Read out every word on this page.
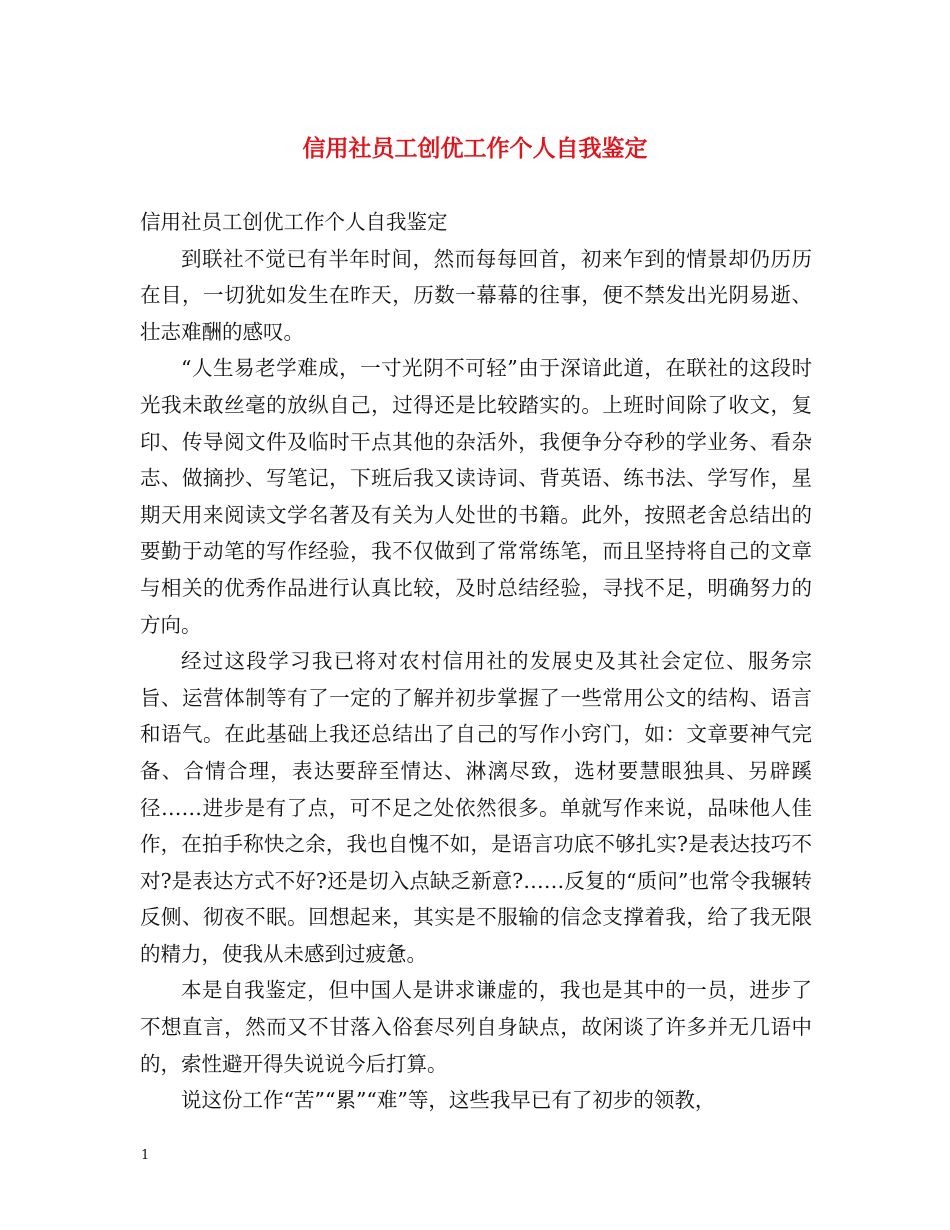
信用社员工创优工作个人自我鉴定

信用社员工创优工作个人自我鉴定

到联社不觉已有半年时间，然而每每回首，初来乍到的情景却仍历历在目，一切犹如发生在昨天，历数一幕幕的往事，便不禁发出光阴易逝、壮志难酬的感叹。

“人生易老学难成，一寸光阴不可轻”由于深谙此道，在联社的这段时光我未敢丝毫的放纵自己，过得还是比较踏实的。上班时间除了收文，复印、传导阅文件及临时干点其他的杂活外，我便争分夺秒的学业务、看杂志、做摘抄、写笔记，下班后我又读诗词、背英语、练书法、学写作，星期天用来阅读文学名著及有关为人处世的书籍。此外，按照老舍总结出的要勤于动笔的写作经验，我不仅做到了常常练笔，而且坚持将自己的文章与相关的优秀作品进行认真比较，及时总结经验，寻找不足，明确努力的方向。

经过这段学习我已将对农村信用社的发展史及其社会定位、服务宗旨、运营体制等有了一定的了解并初步掌握了一些常用公文的结构、语言和语气。在此基础上我还总结出了自己的写作小窍门，如：文章要神气完备、合情合理，表达要辞至情达、淋漓尽致，选材要慧眼独具、另辟蹊径……进步是有了点，可不足之处依然很多。单就写作来说，品味他人佳作，在拍手称快之余，我也自愧不如，是语言功底不够扎实?是表达技巧不对?是表达方式不好?还是切入点缺乏新意?……反复的“质问”也常令我辗转反侧、彻夜不眠。回想起来，其实是不服输的信念支撑着我，给了我无限的精力，使我从未感到过疲惫。

本是自我鉴定，但中国人是讲求谦虚的，我也是其中的一员，进步了不想直言，然而又不甘落入俗套尽列自身缺点，故闲谈了许多并无几语中的，索性避开得失说说今后打算。

说这份工作“苦”“累”“难”等，这些我早已有了初步的领教，

1
